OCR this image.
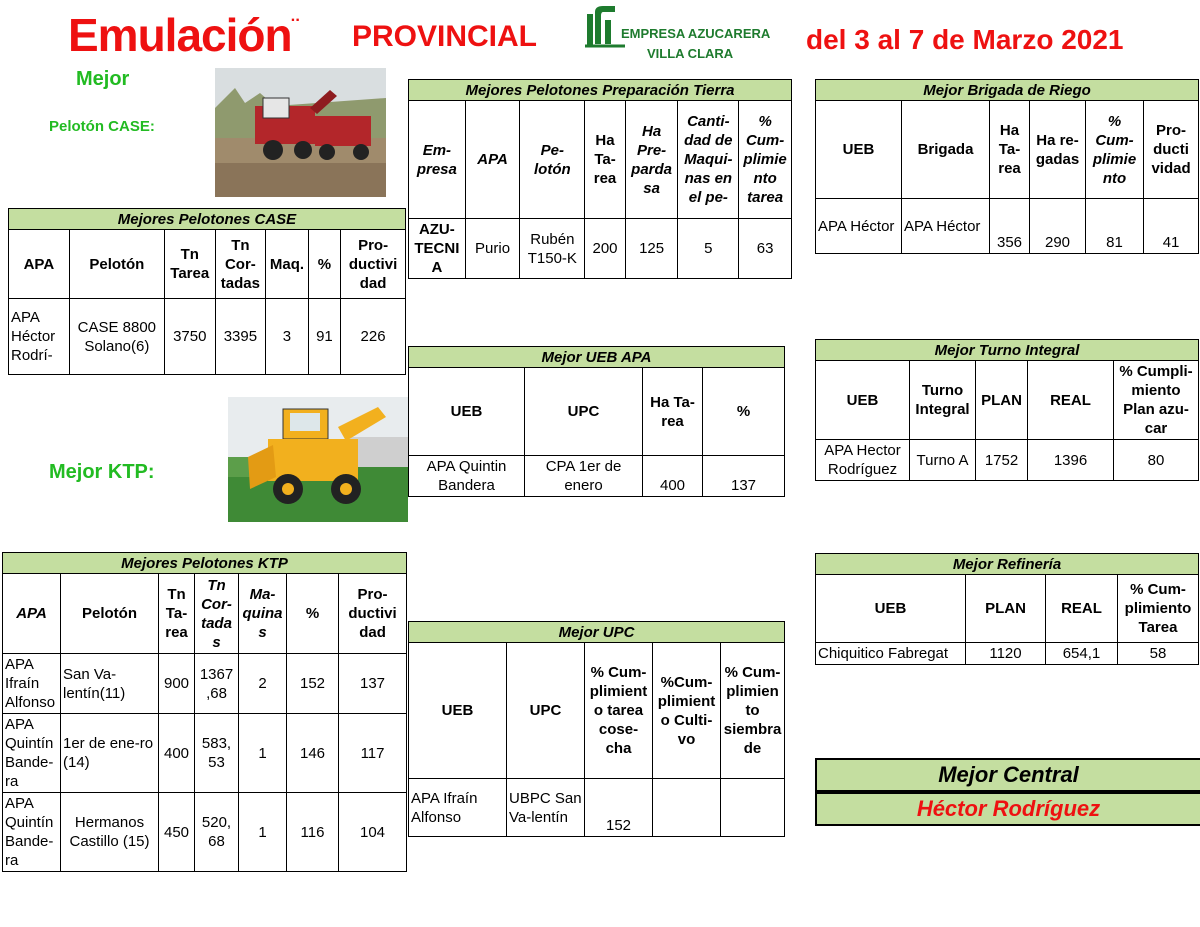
Emulación¨ PROVINCIAL	EMPRESA AZUCARERA
VILLA CLARA	del 3 al 7 de Marzo 2021
Mejor
Pelotón CASE:
Mejor KTP:
Mejores Pelotones CASE						
APA	Pelotón	Tn Tarea	Tn Cor-tadas	Maq.	%	Pro-ductivi dad
APA Héctor Rodrí-	CASE 8800 Solano(6)	3750	3395	3	91	226
Mejores Pelotones Preparación Tierra						
Em-presa	APA	Pe-lotón	Ha Ta-rea	Ha Pre-parda sa	Canti-dad de Maqui-nas en el pe-	% Cum-plimie nto tarea
AZU-TECNI A	Purio	Rubén T150-K	200	125	5	63
Mejor Brigada de Riego					
UEB	Brigada	Ha Ta-rea	Ha re-gadas	% Cum-plimie nto	Pro-ducti vidad
APA Héctor	APA Héctor	356	290	81	41
Mejor UEB APA			
UEB	UPC	Ha Ta-rea	%
APA Quintin Bandera	CPA 1er de enero	400	137
Mejor Turno Integral				
UEB	Turno Integral	PLAN	REAL	% Cumpli-miento Plan azu-car
APA Hector Rodríguez	Turno A	1752	1396	80
Mejores Pelotones KTP						
APA	Pelotón	Tn Ta-rea	Tn Cor-tada s	Ma-quina s	%	Pro-ductivi dad
APA Ifraín Alfonso	San Va-lentín(11)	900	1367 ,68	2	152	137
APA Quintín Bande-ra	1er de ene-ro (14)	400	583, 53	1	146	117
APA Quintín Bande-ra	Hermanos Castillo (15)	450	520, 68	1	116	104
Mejor UPC				
UEB	UPC	% Cum-plimient o tarea cose-cha	%Cum-plimient o Culti-vo	% Cum-plimien to siembra de
APA Ifraín Alfonso	UBPC San Va-lentín	152		
Mejor Refinería			
UEB	PLAN	REAL	% Cum-plimiento Tarea
Chiquitico Fabregat	1120	654,1	58
Mejor Central
Héctor Rodríguez
